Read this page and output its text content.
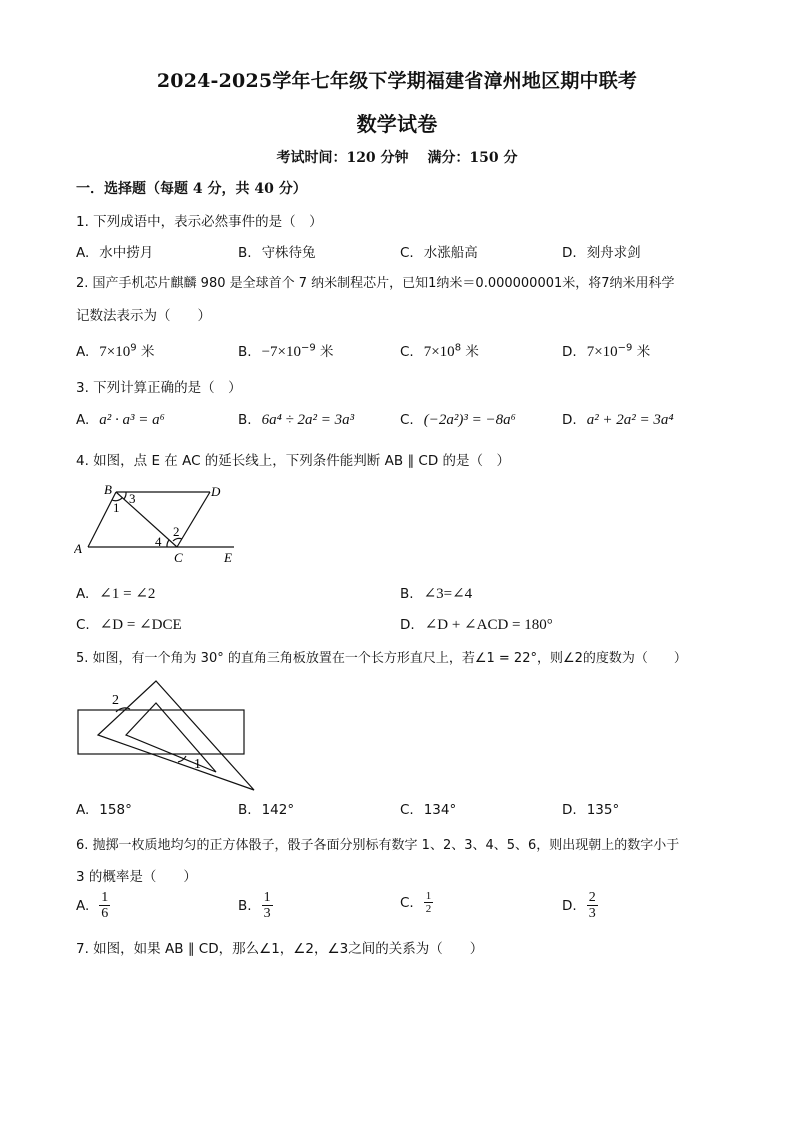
2024-2025学年七年级下学期福建省漳州地区期中联考
数学试卷
考试时间：120 分钟　 满分：150 分
一．选择题（每题 4 分，共 40 分）
1. 下列成语中，表示必然事件的是（　）
A. 水中捞月	B. 守株待兔	C. 水涨船高	D. 刻舟求剑
2. 国产手机芯片麒麟 980 是全球首个 7 纳米制程芯片，已知1纳米＝0.000000001米，将7纳米用科学
记数法表示为（　　）
A. $7\times 10^9$ 米	B. $-7\times 10^{-9}$ 米	C. $7\times 10^8$ 米	D. $7\times 10^{-9}$ 米
3. 下列计算正确的是（　）
A. a² · a³ = a⁶	B. 6a⁴ ÷ 2a² = 3a³	C. (−2a²)³ = −8a⁶	D. a² + 2a² = 3a⁴
4. 如图，点 E 在 AC 的延长线上，下列条件能判断 AB ∥ CD 的是（　）
A
B	D
C	E
3
1
2
4
A. ∠1 = ∠2	B. ∠3=∠4
C. ∠D = ∠DCE	D. ∠D + ∠ACD = 180°
5. 如图，有一个角为 30° 的直角三角板放置在一个长方形直尺上，若∠1 = 22°，则∠2的度数为（　　）
2
1
A. 158°	B. 142°	C. 134°	D. 135°
6. 抛掷一枚质地均匀的正方体骰子，骰子各面分别标有数字 1、2、3、4、5、6，则出现朝上的数字小于
3 的概率是（　　）
A. $\frac{1}{6}$	B. $\frac{1}{3}$	C. $\frac{1}{2}$	D. $\frac{2}{3}$
7. 如图，如果 AB ∥ CD，那么∠1，∠2，∠3之间的关系为（　　）
